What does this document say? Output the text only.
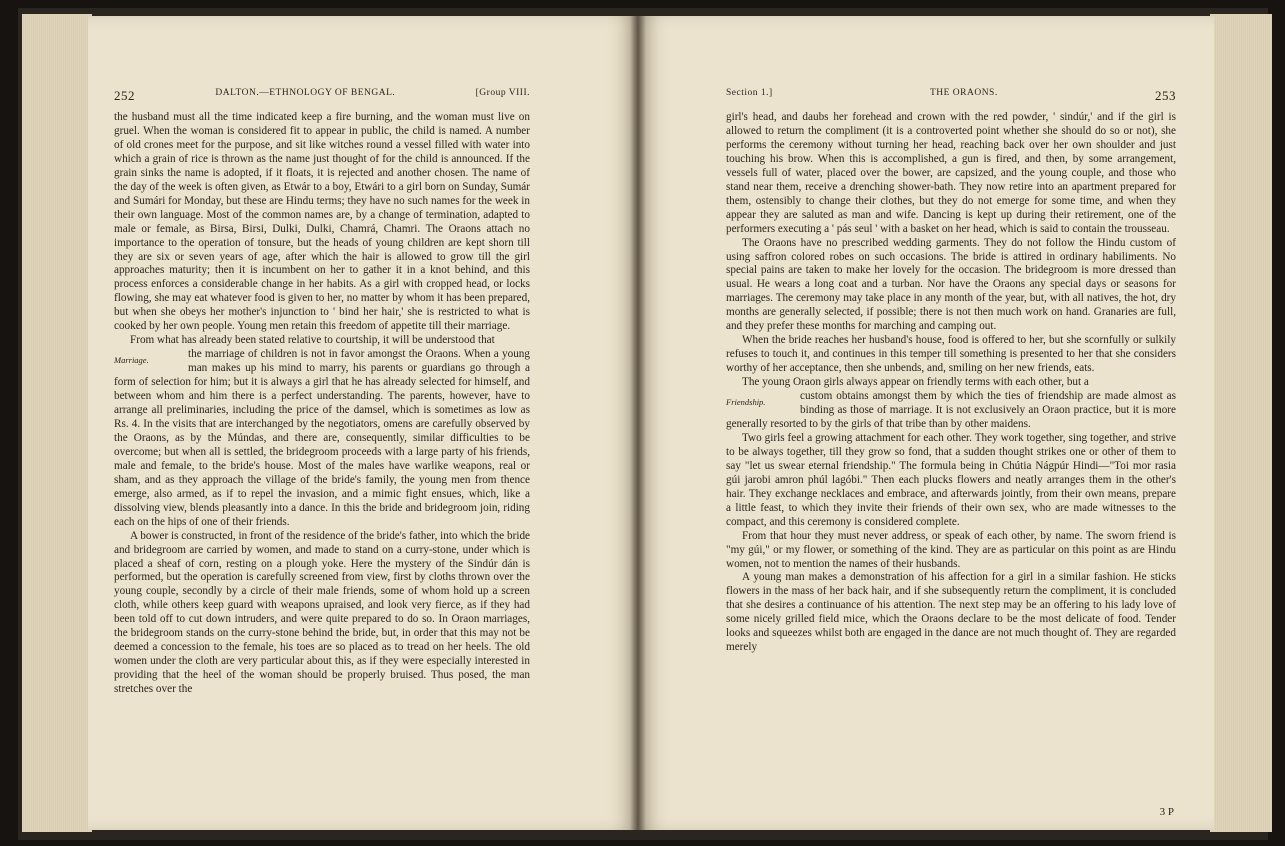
252	DALTON.—ETHNOLOGY OF BENGAL.	[Group VIII.

the husband must all the time indicated keep a fire burning, and the woman must live on gruel. When the woman is considered fit to appear in public, the child is named. A number of old crones meet for the purpose, and sit like witches round a vessel filled with water into which a grain of rice is thrown as the name just thought of for the child is announced. If the grain sinks the name is adopted, if it floats, it is rejected and another chosen. The name of the day of the week is often given, as Etwár to a boy, Etwári to a girl born on Sunday, Sumár and Sumári for Monday, but these are Hindu terms; they have no such names for the week in their own language. Most of the common names are, by a change of termination, adapted to male or female, as Birsa, Birsi, Dulki, Dulki, Chamrá, Chamri. The Oraons attach no importance to the operation of tonsure, but the heads of young children are kept shorn till they are six or seven years of age, after which the hair is allowed to grow till the girl approaches maturity; then it is incumbent on her to gather it in a knot behind, and this process enforces a considerable change in her habits. As a girl with cropped head, or locks flowing, she may eat whatever food is given to her, no matter by whom it has been prepared, but when she obeys her mother's injunction to ' bind her hair,' she is restricted to what is cooked by her own people. Young men retain this freedom of appetite till their marriage.

From what has already been stated relative to courtship, it will be understood that

Marriage.	the marriage of children is not in favor amongst the Oraons. When a young man makes up his mind to marry, his parents or guardians go through a form of selection for him; but it is always a girl that he has already selected for himself, and between whom and him there is a perfect understanding. The parents, however, have to arrange all preliminaries, including the price of the damsel, which is sometimes as low as Rs. 4. In the visits that are interchanged by the negotiators, omens are carefully observed by the Oraons, as by the Múndas, and there are, consequently, similar difficulties to be overcome; but when all is settled, the bridegroom proceeds with a large party of his friends, male and female, to the bride's house. Most of the males have warlike weapons, real or sham, and as they approach the village of the bride's family, the young men from thence emerge, also armed, as if to repel the invasion, and a mimic fight ensues, which, like a dissolving view, blends pleasantly into a dance. In this the bride and bridegroom join, riding each on the hips of one of their friends.

A bower is constructed, in front of the residence of the bride's father, into which the bride and bridegroom are carried by women, and made to stand on a curry-stone, under which is placed a sheaf of corn, resting on a plough yoke. Here the mystery of the Sindúr dán is performed, but the operation is carefully screened from view, first by cloths thrown over the young couple, secondly by a circle of their male friends, some of whom hold up a screen cloth, while others keep guard with weapons upraised, and look very fierce, as if they had been told off to cut down intruders, and were quite prepared to do so. In Oraon marriages, the bridegroom stands on the curry-stone behind the bride, but, in order that this may not be deemed a concession to the female, his toes are so placed as to tread on her heels. The old women under the cloth are very particular about this, as if they were especially interested in providing that the heel of the woman should be properly bruised. Thus posed, the man stretches over the

Section 1.]	THE ORAONS.	253

girl's head, and daubs her forehead and crown with the red powder, ' sindúr,' and if the girl is allowed to return the compliment (it is a controverted point whether she should do so or not), she performs the ceremony without turning her head, reaching back over her own shoulder and just touching his brow. When this is accomplished, a gun is fired, and then, by some arrangement, vessels full of water, placed over the bower, are capsized, and the young couple, and those who stand near them, receive a drenching shower-bath. They now retire into an apartment prepared for them, ostensibly to change their clothes, but they do not emerge for some time, and when they appear they are saluted as man and wife. Dancing is kept up during their retirement, one of the performers executing a ' pás seul ' with a basket on her head, which is said to contain the trousseau.

The Oraons have no prescribed wedding garments. They do not follow the Hindu custom of using saffron colored robes on such occasions. The bride is attired in ordinary habiliments. No special pains are taken to make her lovely for the occasion. The bridegroom is more dressed than usual. He wears a long coat and a turban. Nor have the Oraons any special days or seasons for marriages. The ceremony may take place in any month of the year, but, with all natives, the hot, dry months are generally selected, if possible; there is not then much work on hand. Granaries are full, and they prefer these months for marching and camping out.

When the bride reaches her husband's house, food is offered to her, but she scornfully or sulkily refuses to touch it, and continues in this temper till something is presented to her that she considers worthy of her acceptance, then she unbends, and, smiling on her new friends, eats.

The young Oraon girls always appear on friendly terms with each other, but a

Friendship.	custom obtains amongst them by which the ties of friendship are made almost as binding as those of marriage. It is not exclusively an Oraon practice, but it is more generally resorted to by the girls of that tribe than by other maidens.

Two girls feel a growing attachment for each other. They work together, sing together, and strive to be always together, till they grow so fond, that a sudden thought strikes one or other of them to say "let us swear eternal friendship." The formula being in Chútia Nágpúr Hindi—"Toi mor rasia gúi jarobi amron phúl lagóbi." Then each plucks flowers and neatly arranges them in the other's hair. They exchange necklaces and embrace, and afterwards jointly, from their own means, prepare a little feast, to which they invite their friends of their own sex, who are made witnesses to the compact, and this ceremony is considered complete.

From that hour they must never address, or speak of each other, by name. The sworn friend is "my gúi," or my flower, or something of the kind. They are as particular on this point as are Hindu women, not to mention the names of their husbands.

A young man makes a demonstration of his affection for a girl in a similar fashion. He sticks flowers in the mass of her back hair, and if she subsequently return the compliment, it is concluded that she desires a continuance of his attention. The next step may be an offering to his lady love of some nicely grilled field mice, which the Oraons declare to be the most delicate of food. Tender looks and squeezes whilst both are engaged in the dance are not much thought of. They are regarded merely

3 P
